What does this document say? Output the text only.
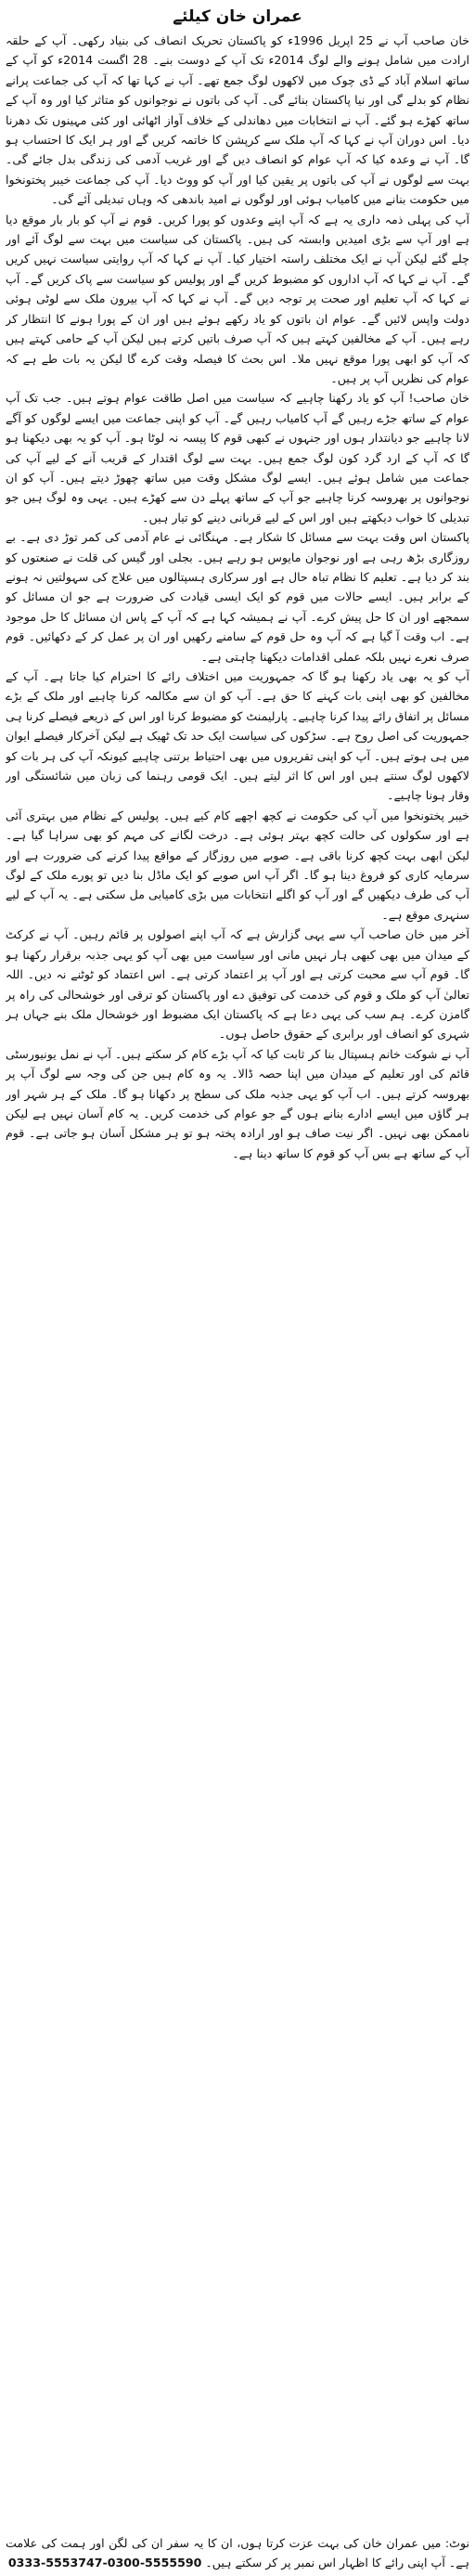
عمران خان کیلئے

خان صاحب آپ نے 25 اپریل 1996ء کو پاکستان تحریک انصاف کی بنیاد رکھی۔ آپ کے حلقہ ارادت میں شامل ہونے والے لوگ 2014ء تک آپ کے دوست بنے۔ 28 اگست 2014ء کو آپ کے ساتھ اسلام آباد کے ڈی چوک میں لاکھوں لوگ جمع تھے۔ آپ نے کہا تھا کہ آپ کی جماعت پرانے نظام کو بدلے گی اور نیا پاکستان بنائے گی۔ آپ کی باتوں نے نوجوانوں کو متاثر کیا اور وہ آپ کے ساتھ کھڑے ہو گئے۔ آپ نے انتخابات میں دھاندلی کے خلاف آواز اٹھائی اور کئی مہینوں تک دھرنا دیا۔ اس دوران آپ نے کہا کہ آپ ملک سے کرپشن کا خاتمہ کریں گے اور ہر ایک کا احتساب ہو گا۔ آپ نے وعدہ کیا کہ آپ عوام کو انصاف دیں گے اور غریب آدمی کی زندگی بدل جائے گی۔ بہت سے لوگوں نے آپ کی باتوں پر یقین کیا اور آپ کو ووٹ دیا۔ آپ کی جماعت خیبر پختونخوا میں حکومت بنانے میں کامیاب ہوئی اور لوگوں نے امید باندھی کہ وہاں تبدیلی آئے گی۔

آپ کی پہلی ذمہ داری یہ ہے کہ آپ اپنے وعدوں کو پورا کریں۔ قوم نے آپ کو بار بار موقع دیا ہے اور آپ سے بڑی امیدیں وابستہ کی ہیں۔ پاکستان کی سیاست میں بہت سے لوگ آئے اور چلے گئے لیکن آپ نے ایک مختلف راستہ اختیار کیا۔ آپ نے کہا کہ آپ روایتی سیاست نہیں کریں گے۔ آپ نے کہا کہ آپ اداروں کو مضبوط کریں گے اور پولیس کو سیاست سے پاک کریں گے۔ آپ نے کہا کہ آپ تعلیم اور صحت پر توجہ دیں گے۔ آپ نے کہا کہ آپ بیرون ملک سے لوٹی ہوئی دولت واپس لائیں گے۔ عوام ان باتوں کو یاد رکھے ہوئے ہیں اور ان کے پورا ہونے کا انتظار کر رہے ہیں۔ آپ کے مخالفین کہتے ہیں کہ آپ صرف باتیں کرتے ہیں لیکن آپ کے حامی کہتے ہیں کہ آپ کو ابھی پورا موقع نہیں ملا۔ اس بحث کا فیصلہ وقت کرے گا لیکن یہ بات طے ہے کہ عوام کی نظریں آپ پر ہیں۔

خان صاحب! آپ کو یاد رکھنا چاہیے کہ سیاست میں اصل طاقت عوام ہوتے ہیں۔ جب تک آپ عوام کے ساتھ جڑے رہیں گے آپ کامیاب رہیں گے۔ آپ کو اپنی جماعت میں ایسے لوگوں کو آگے لانا چاہیے جو دیانتدار ہوں اور جنہوں نے کبھی قوم کا پیسہ نہ لوٹا ہو۔ آپ کو یہ بھی دیکھنا ہو گا کہ آپ کے ارد گرد کون لوگ جمع ہیں۔ بہت سے لوگ اقتدار کے قریب آنے کے لیے آپ کی جماعت میں شامل ہوئے ہیں۔ ایسے لوگ مشکل وقت میں ساتھ چھوڑ دیتے ہیں۔ آپ کو ان نوجوانوں پر بھروسہ کرنا چاہیے جو آپ کے ساتھ پہلے دن سے کھڑے ہیں۔ یہی وہ لوگ ہیں جو تبدیلی کا خواب دیکھتے ہیں اور اس کے لیے قربانی دینے کو تیار ہیں۔

پاکستان اس وقت بہت سے مسائل کا شکار ہے۔ مہنگائی نے عام آدمی کی کمر توڑ دی ہے۔ بے روزگاری بڑھ رہی ہے اور نوجوان مایوس ہو رہے ہیں۔ بجلی اور گیس کی قلت نے صنعتوں کو بند کر دیا ہے۔ تعلیم کا نظام تباہ حال ہے اور سرکاری ہسپتالوں میں علاج کی سہولتیں نہ ہونے کے برابر ہیں۔ ایسے حالات میں قوم کو ایک ایسی قیادت کی ضرورت ہے جو ان مسائل کو سمجھے اور ان کا حل پیش کرے۔ آپ نے ہمیشہ کہا ہے کہ آپ کے پاس ان مسائل کا حل موجود ہے۔ اب وقت آ گیا ہے کہ آپ وہ حل قوم کے سامنے رکھیں اور ان پر عمل کر کے دکھائیں۔ قوم صرف نعرے نہیں بلکہ عملی اقدامات دیکھنا چاہتی ہے۔

آپ کو یہ بھی یاد رکھنا ہو گا کہ جمہوریت میں اختلاف رائے کا احترام کیا جاتا ہے۔ آپ کے مخالفین کو بھی اپنی بات کہنے کا حق ہے۔ آپ کو ان سے مکالمہ کرنا چاہیے اور ملک کے بڑے مسائل پر اتفاق رائے پیدا کرنا چاہیے۔ پارلیمنٹ کو مضبوط کرنا اور اس کے ذریعے فیصلے کرنا ہی جمہوریت کی اصل روح ہے۔ سڑکوں کی سیاست ایک حد تک ٹھیک ہے لیکن آخرکار فیصلے ایوان میں ہی ہوتے ہیں۔ آپ کو اپنی تقریروں میں بھی احتیاط برتنی چاہیے کیونکہ آپ کی ہر بات کو لاکھوں لوگ سنتے ہیں اور اس کا اثر لیتے ہیں۔ ایک قومی رہنما کی زبان میں شائستگی اور وقار ہونا چاہیے۔

خیبر پختونخوا میں آپ کی حکومت نے کچھ اچھے کام کیے ہیں۔ پولیس کے نظام میں بہتری آئی ہے اور سکولوں کی حالت کچھ بہتر ہوئی ہے۔ درخت لگانے کی مہم کو بھی سراہا گیا ہے۔ لیکن ابھی بہت کچھ کرنا باقی ہے۔ صوبے میں روزگار کے مواقع پیدا کرنے کی ضرورت ہے اور سرمایہ کاری کو فروغ دینا ہو گا۔ اگر آپ اس صوبے کو ایک ماڈل بنا دیں تو پورے ملک کے لوگ آپ کی طرف دیکھیں گے اور آپ کو اگلے انتخابات میں بڑی کامیابی مل سکتی ہے۔ یہ آپ کے لیے سنہری موقع ہے۔

آخر میں خان صاحب آپ سے یہی گزارش ہے کہ آپ اپنے اصولوں پر قائم رہیں۔ آپ نے کرکٹ کے میدان میں بھی کبھی ہار نہیں مانی اور سیاست میں بھی آپ کو یہی جذبہ برقرار رکھنا ہو گا۔ قوم آپ سے محبت کرتی ہے اور آپ پر اعتماد کرتی ہے۔ اس اعتماد کو ٹوٹنے نہ دیں۔ اللہ تعالیٰ آپ کو ملک و قوم کی خدمت کی توفیق دے اور پاکستان کو ترقی اور خوشحالی کی راہ پر گامزن کرے۔ ہم سب کی یہی دعا ہے کہ پاکستان ایک مضبوط اور خوشحال ملک بنے جہاں ہر شہری کو انصاف اور برابری کے حقوق حاصل ہوں۔

آپ نے شوکت خانم ہسپتال بنا کر ثابت کیا کہ آپ بڑے کام کر سکتے ہیں۔ آپ نے نمل یونیورسٹی قائم کی اور تعلیم کے میدان میں اپنا حصہ ڈالا۔ یہ وہ کام ہیں جن کی وجہ سے لوگ آپ پر بھروسہ کرتے ہیں۔ اب آپ کو یہی جذبہ ملک کی سطح پر دکھانا ہو گا۔ ملک کے ہر شہر اور ہر گاؤں میں ایسے ادارے بنانے ہوں گے جو عوام کی خدمت کریں۔ یہ کام آسان نہیں ہے لیکن ناممکن بھی نہیں۔ اگر نیت صاف ہو اور ارادہ پختہ ہو تو ہر مشکل آسان ہو جاتی ہے۔ قوم آپ کے ساتھ ہے بس آپ کو قوم کا ساتھ دینا ہے۔

نوٹ: میں عمران خان کی بہت عزت کرتا ہوں، ان کا یہ سفر ان کی لگن اور ہمت کی علامت ہے۔ آپ اپنی رائے کا اظہار اس نمبر پر کر سکتے ہیں۔ 0333-5553747-0300-5555590
